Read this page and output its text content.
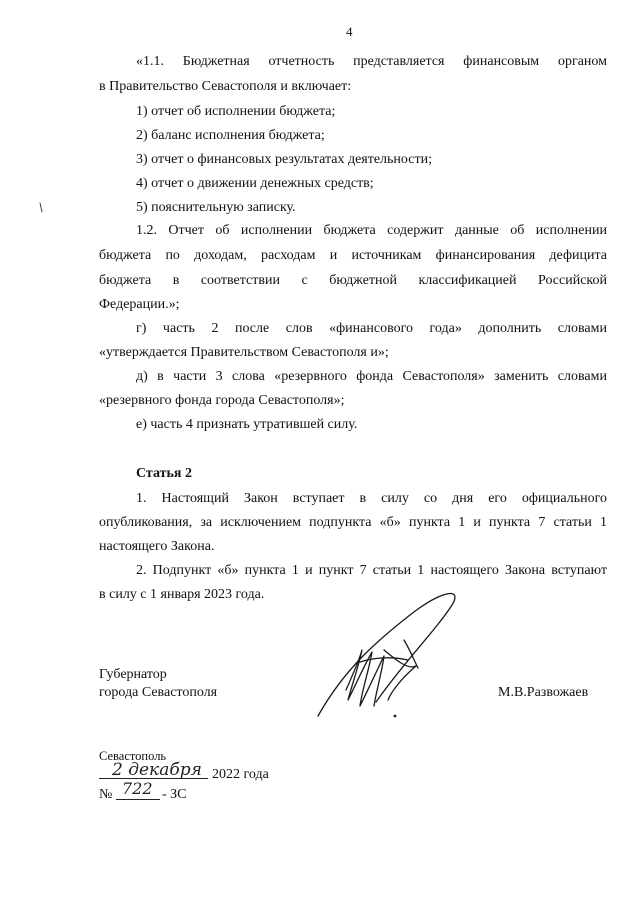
4
«1.1. Бюджетная отчетность представляется финансовым органом
в Правительство Севастополя и включает:
1) отчет об исполнении бюджета;
2) баланс исполнения бюджета;
3) отчет о финансовых результатах деятельности;
4) отчет о движении денежных средств;
5) пояснительную записку.
1.2. Отчет об исполнении бюджета содержит данные об исполнении
бюджета по доходам, расходам и источникам финансирования дефицита
бюджета в соответствии с бюджетной классификацией Российской
Федерации.»;
г) часть 2 после слов «финансового года» дополнить словами
«утверждается Правительством Севастополя и»;
д) в части 3 слова «резервного фонда Севастополя» заменить словами
«резервного фонда города Севастополя»;
е) часть 4 признать утратившей силу.
Статья 2
1. Настоящий Закон вступает в силу со дня его официального
опубликования, за исключением подпункта «б» пункта 1 и пункта 7 статьи 1
настоящего Закона.
2. Подпункт «б» пункта 1 и пункт 7 статьи 1 настоящего Закона вступают
в силу с 1 января 2023 года.
Губернатор
города Севастополя	М.В.Развожаев
Севастополь
2 декабря 2022 года
№ 722 - ЗС
